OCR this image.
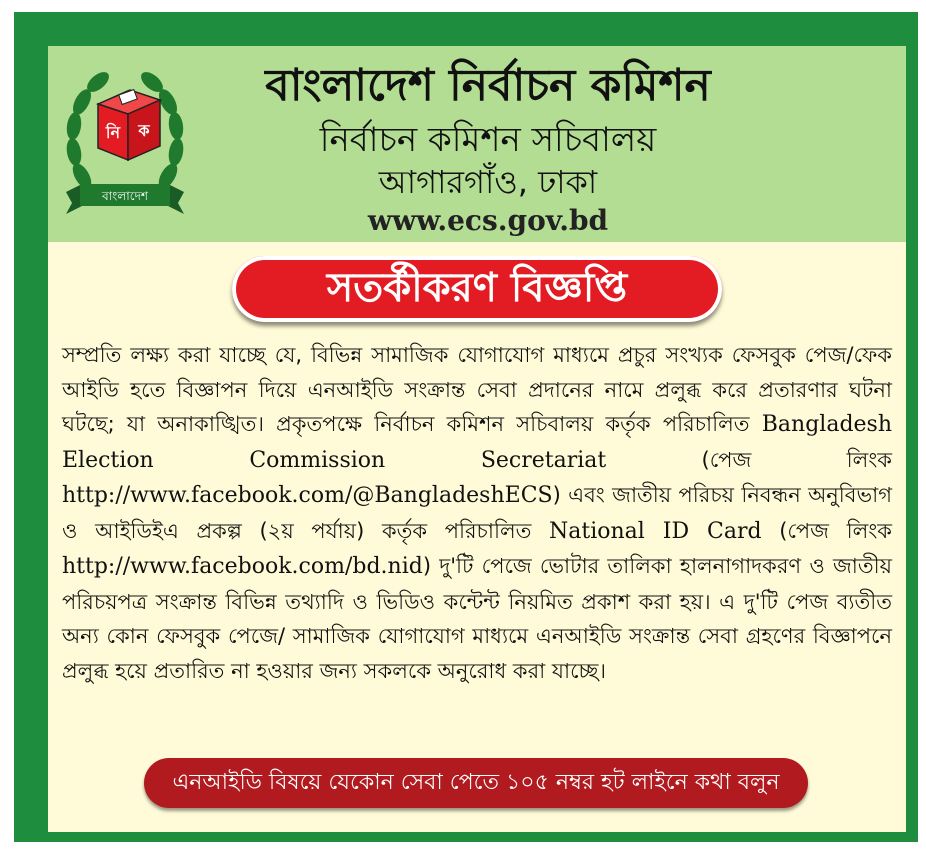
নি ক
বাংলাদেশ
বাংলাদেশ নির্বাচন কমিশন
নির্বাচন কমিশন সচিবালয়
আগারগাঁও, ঢাকা
www.ecs.gov.bd
সতর্কীকরণ বিজ্ঞপ্তি

সম্প্রতি লক্ষ্য করা যাচ্ছে যে, বিভিন্ন সামাজিক যোগাযোগ মাধ্যমে প্রচুর সংখ্যক ফেসবুক পেজ/ফেক আইডি হতে বিজ্ঞাপন দিয়ে এনআইডি সংক্রান্ত সেবা প্রদানের নামে প্রলুব্ধ করে প্রতারণার ঘটনা ঘটছে; যা অনাকাঙ্খিত। প্রকৃতপক্ষে নির্বাচন কমিশন সচিবালয় কর্তৃক পরিচালিত Bangladesh Election Commission Secretariat (পেজ লিংক http://www.facebook.com/@BangladeshECS) এবং জাতীয় পরিচয় নিবন্ধন অনুবিভাগ ও আইডিইএ প্রকল্প (২য় পর্যায়) কর্তৃক পরিচালিত National ID Card (পেজ লিংক http://www.facebook.com/bd.nid) দু'টি পেজে ভোটার তালিকা হালনাগাদকরণ ও জাতীয় পরিচয়পত্র সংক্রান্ত বিভিন্ন তথ্যাদি ও ভিডিও কন্টেন্ট নিয়মিত প্রকাশ করা হয়। এ দু'টি পেজ ব্যতীত অন্য কোন ফেসবুক পেজে/ সামাজিক যোগাযোগ মাধ্যমে এনআইডি সংক্রান্ত সেবা গ্রহণের বিজ্ঞাপনে প্রলুব্ধ হয়ে প্রতারিত না হওয়ার জন্য সকলকে অনুরোধ করা যাচ্ছে।

এনআইডি বিষয়ে যেকোন সেবা পেতে ১০৫ নম্বর হট লাইনে কথা বলুন
